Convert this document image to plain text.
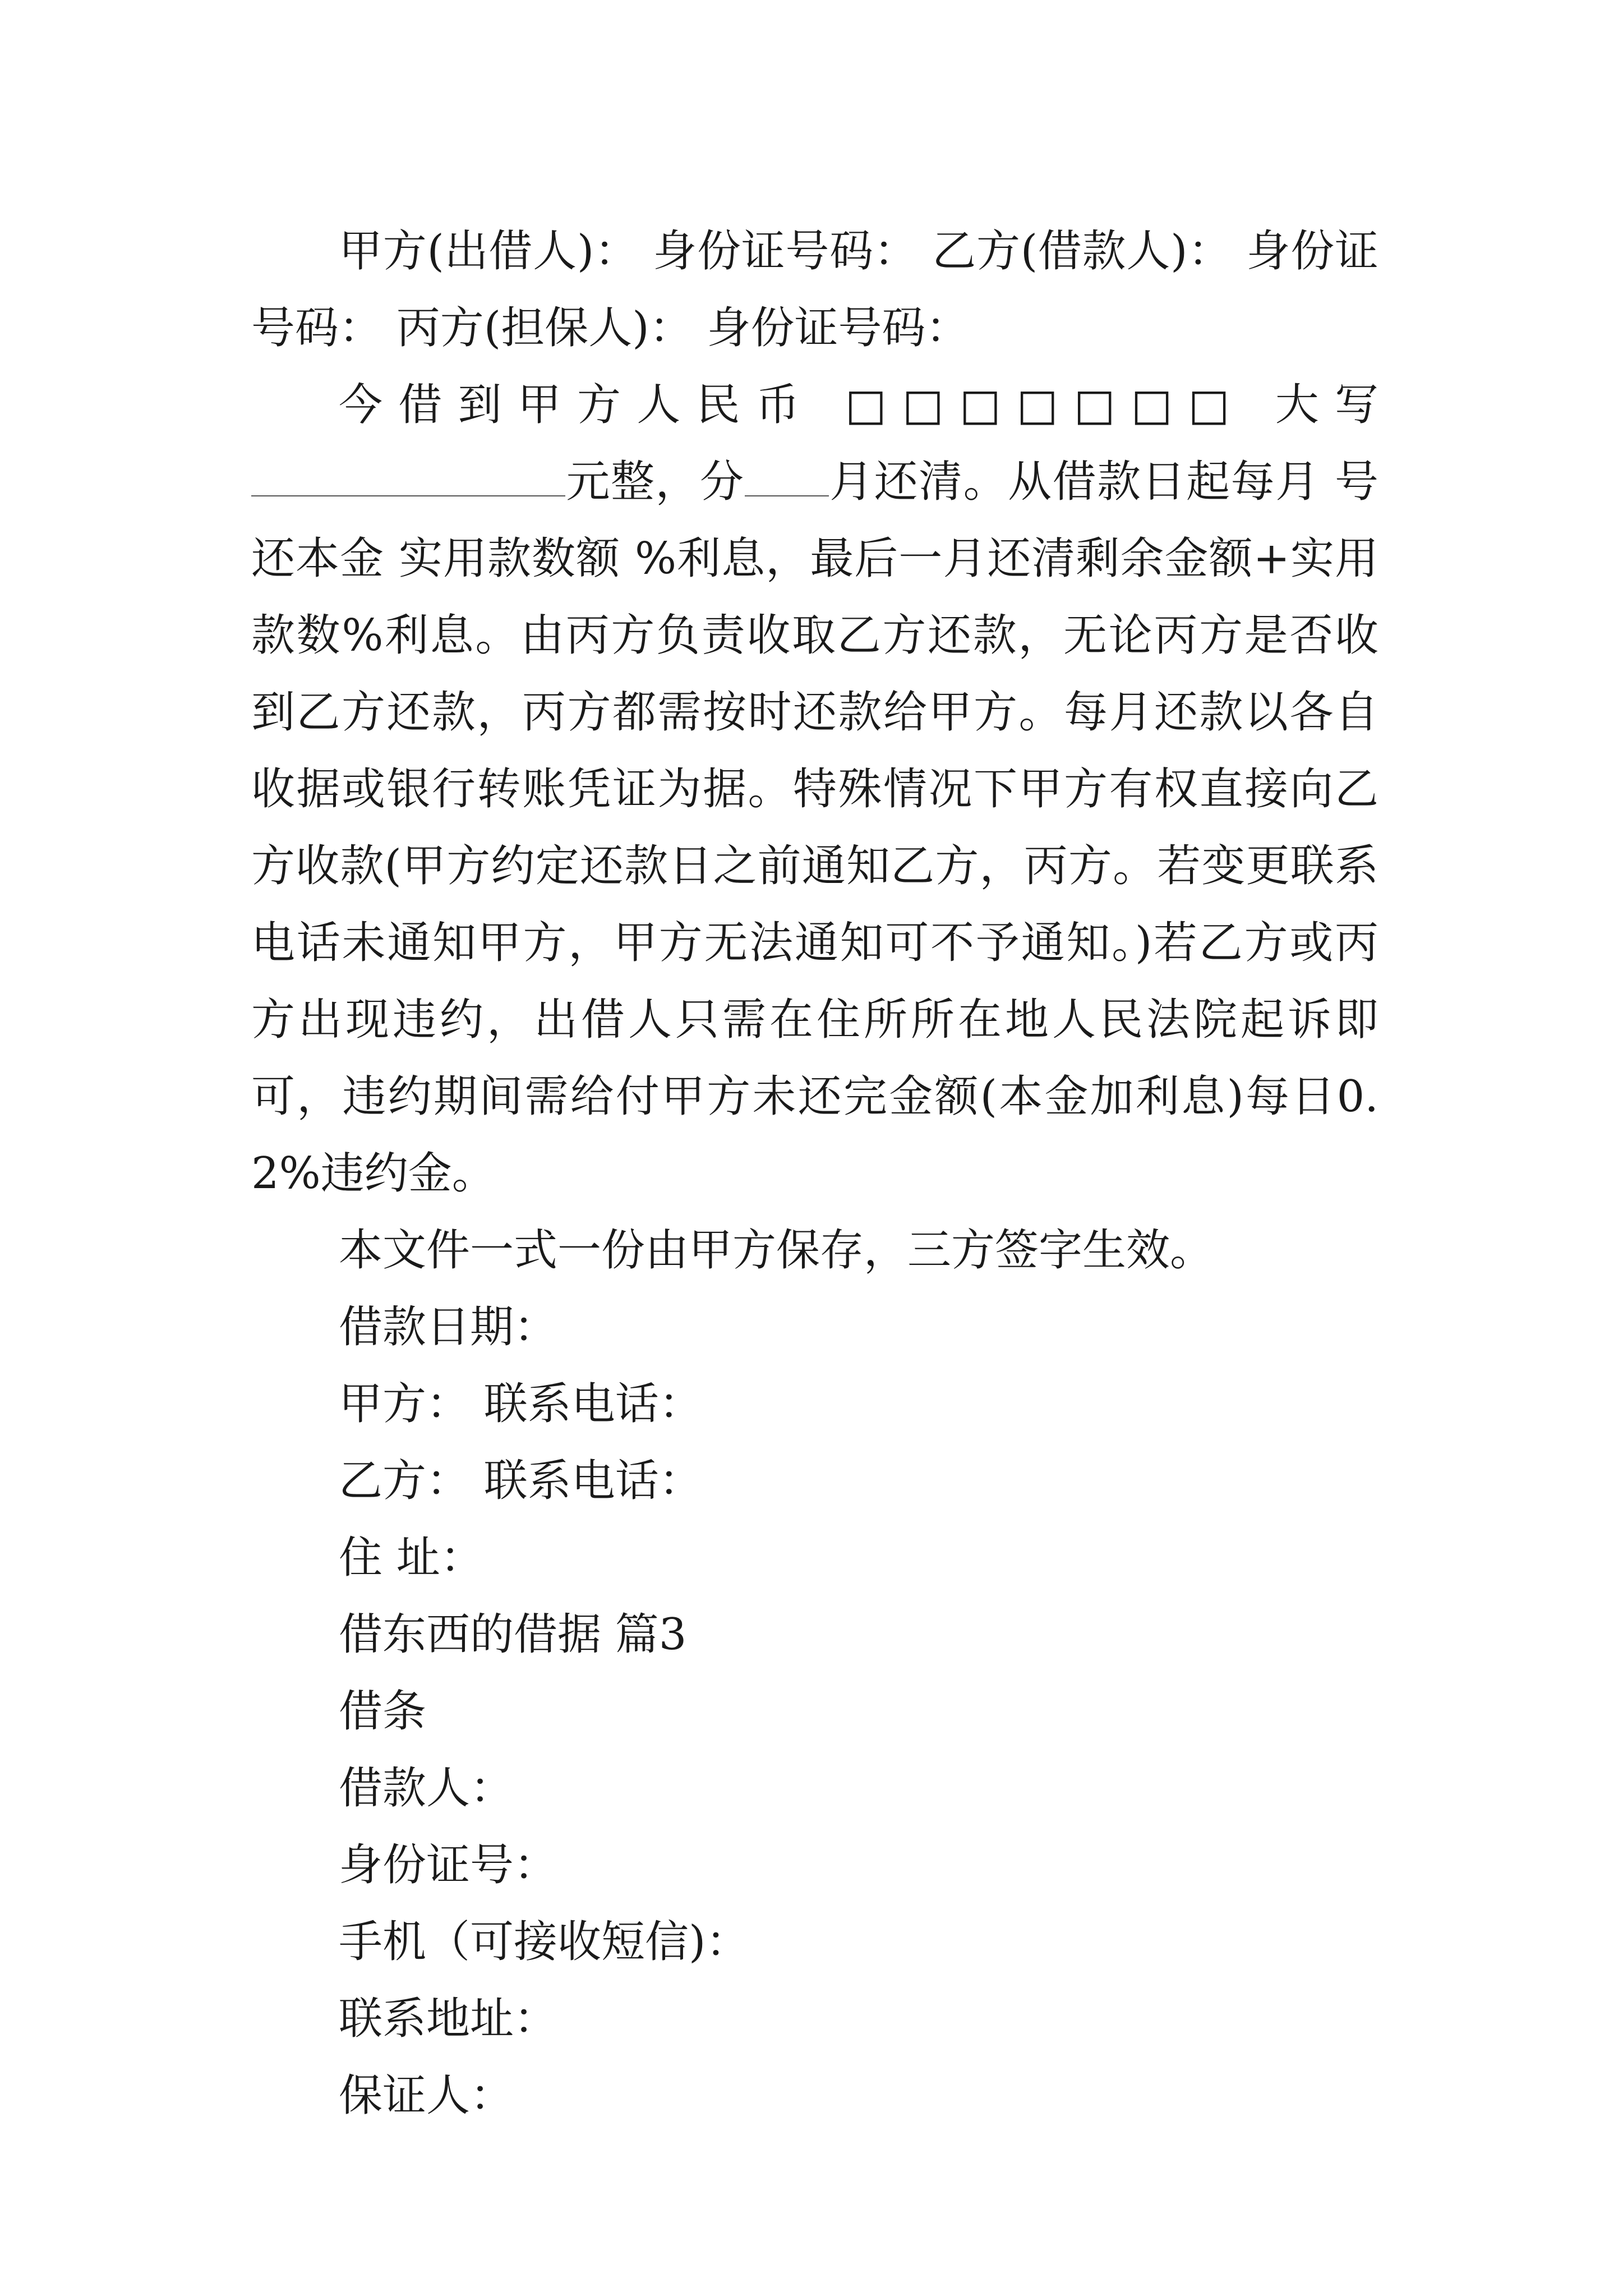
甲方(出借人)： 身份证号码： 乙方(借款人)： 身份证号码： 丙方(担保人)： 身份证号码：

今借到甲方人民币 □□□□□□□ 大写元整，分 月还清。从借款日起每月 号还本金 实用款数额 %利息，最后一月还清剩余金额+实用款数%利息。由丙方负责收取乙方还款，无论丙方是否收到乙方还款，丙方都需按时还款给甲方。每月还款以各自收据或银行转账凭证为据。特殊情况下甲方有权直接向乙方收款(甲方约定还款日之前通知乙方，丙方。若变更联系电话未通知甲方，甲方无法通知可不予通知。)若乙方或丙方出现违约，出借人只需在住所所在地人民法院起诉即可，违约期间需给付甲方未还完金额(本金加利息)每日0.2%违约金。

本文件一式一份由甲方保存，三方签字生效。

借款日期：

甲方： 联系电话：

乙方： 联系电话：

住 址：

借东西的借据 篇3

借条

借款人：

身份证号：

手机（可接收短信)：

联系地址：

保证人：
